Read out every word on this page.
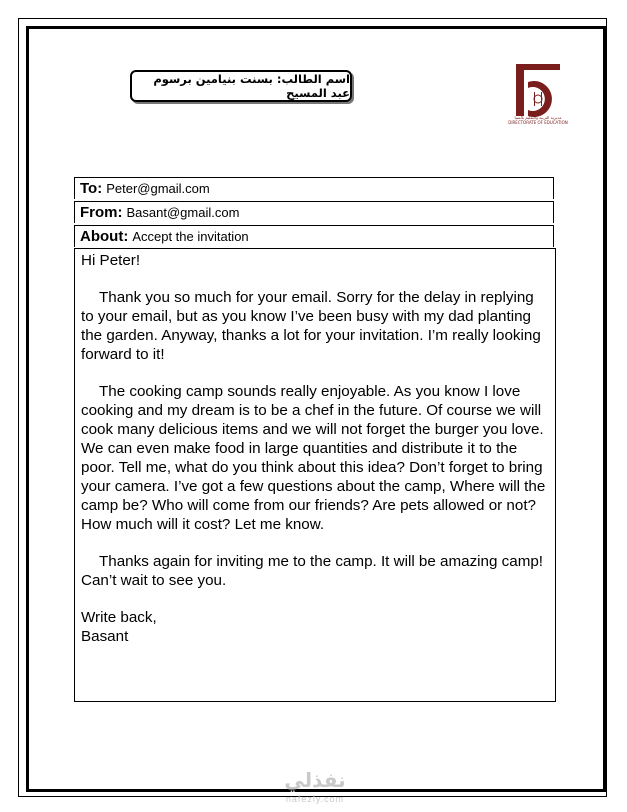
اسم الطالب: بسنت بنيامين برسوم عبد المسيح
مديرية التربية والتعليم بالمنيا
DIRECTORATE OF EDUCATION
To: Peter@gmail.com
From: Basant@gmail.com
About: Accept the invitation

Hi Peter!

Thank you so much for your email. Sorry for the delay in replying to your email, but as you know I’ve been busy with my dad planting the garden. Anyway, thanks a lot for your invitation. I’m really looking forward to it!

The cooking camp sounds really enjoyable. As you know I love cooking and my dream is to be a chef in the future. Of course we will cook many delicious items and we will not forget the burger you love. We can even make food in large quantities and distribute it to the poor. Tell me, what do you think about this idea? Don’t forget to bring your camera. I’ve got a few questions about the camp, Where will the camp be? Who will come from our friends? Are pets allowed or not? How much will it cost? Let me know.

Thanks again for inviting me to the camp. It will be amazing camp! Can’t wait to see you.

Write back,

Basant

نفذلي
nafezly.com
